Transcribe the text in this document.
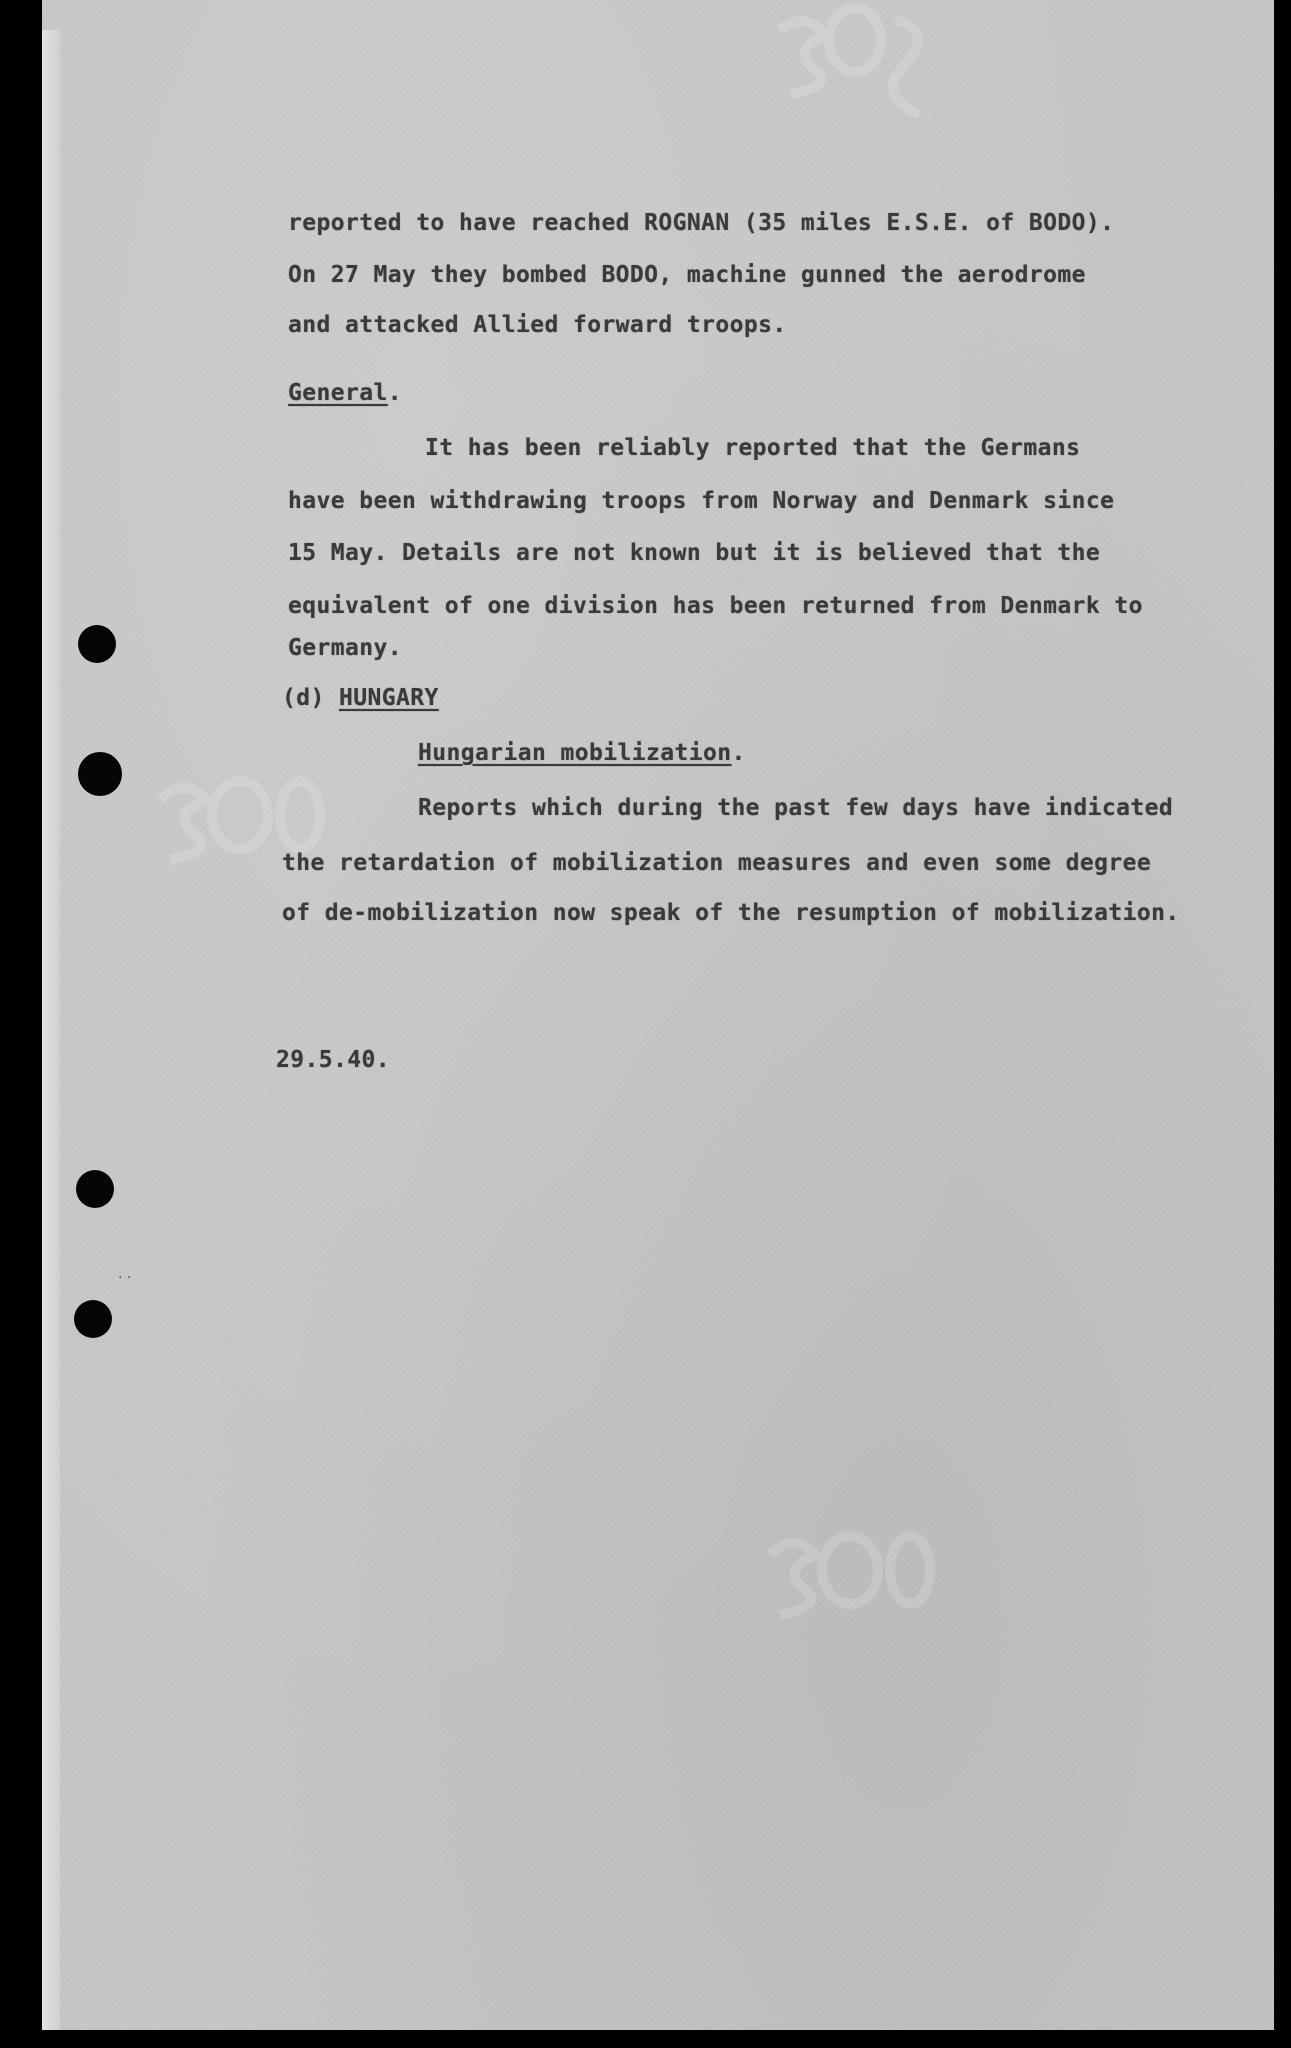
· ·
reported to have reached ROGNAN (35 miles E.S.E. of BODO).
On 27 May they bombed BODO, machine gunned the aerodrome
and attacked Allied forward troops.
General.
It has been reliably reported that the Germans
have been withdrawing troops from Norway and Denmark since
15 May. Details are not known but it is believed that the
equivalent of one division has been returned from Denmark to
Germany.
(d) HUNGARY
Hungarian mobilization.
Reports which during the past few days have indicated
the retardation of mobilization measures and even some degree
of de-mobilization now speak of the resumption of mobilization.
29.5.40.
